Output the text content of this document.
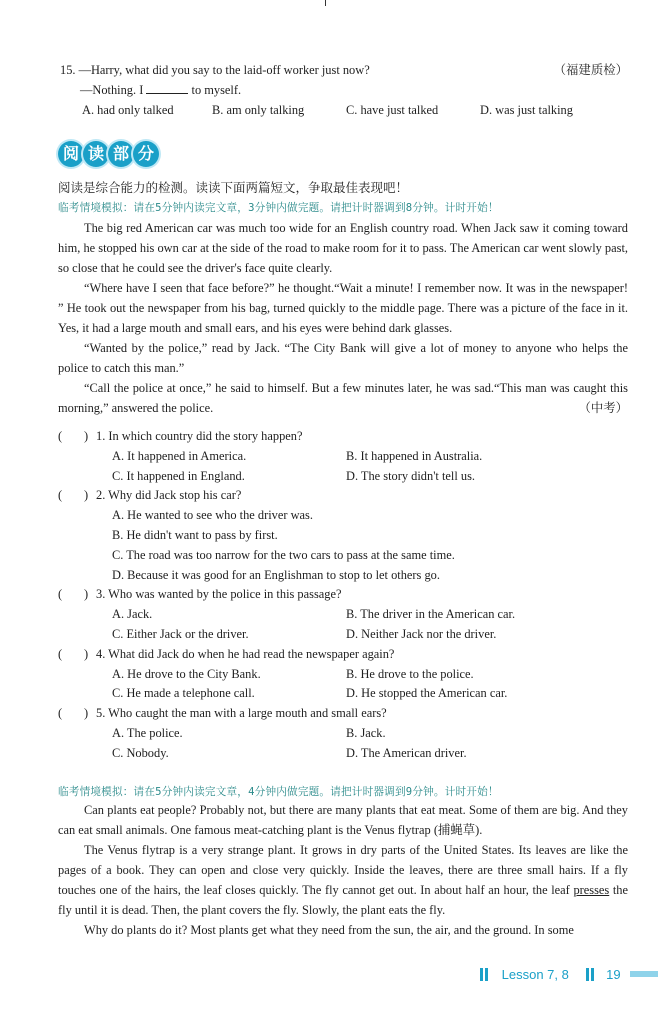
15. —Harry, what did you say to the laid-off worker just now?	（福建质检）
—Nothing. I	to myself.
A. had only talked	B. am only talking	C. have just talked	D. was just talking
阅 读 部 分
阅读是综合能力的检测。读读下面两篇短文，争取最佳表现吧！
临考情境模拟：请在5分钟内读完文章，3分钟内做完题。请把计时器调到8分钟。计时开始！

The big red American car was much too wide for an English country road. When Jack saw it coming toward him, he stopped his own car at the side of the road to make room for it to pass. The American car went slowly past, so close that he could see the driver's face quite clearly.

“Where have I seen that face before?” he thought.“Wait a minute! I remember now. It was in the newspaper! ” He took out the newspaper from his bag, turned quickly to the middle page. There was a picture of the face in it. Yes, it had a large mouth and small ears, and his eyes were behind dark glasses.

“Wanted by the police,” read by Jack. “The City Bank will give a lot of money to anyone who helps the police to catch this man.”

“Call the police at once,” he said to himself. But a few minutes later, he was sad.“This man was caught this morning,” answered the police.	（中考）
( ) 1. In which country did the story happen?
A. It happened in America.	B. It happened in Australia.
C. It happened in England.	D. The story didn't tell us.
( ) 2. Why did Jack stop his car?
A. He wanted to see who the driver was.
B. He didn't want to pass by first.
C. The road was too narrow for the two cars to pass at the same time.
D. Because it was good for an Englishman to stop to let others go.
( ) 3. Who was wanted by the police in this passage?
A. Jack.	B. The driver in the American car.
C. Either Jack or the driver.	D. Neither Jack nor the driver.
( ) 4. What did Jack do when he had read the newspaper again?
A. He drove to the City Bank.	B. He drove to the police.
C. He made a telephone call.	D. He stopped the American car.
( ) 5. Who caught the man with a large mouth and small ears?
A. The police.	B. Jack.
C. Nobody.	D. The American driver.
临考情境模拟：请在5分钟内读完文章，4分钟内做完题。请把计时器调到9分钟。计时开始！

Can plants eat people? Probably not, but there are many plants that eat meat. Some of them are big. And they can eat small animals. One famous meat-catching plant is the Venus flytrap (捕蝇草).

The Venus flytrap is a very strange plant. It grows in dry parts of the United States. Its leaves are like the pages of a book. They can open and close very quickly. Inside the leaves, there are three small hairs. If a fly touches one of the hairs, the leaf closes quickly. The fly cannot get out. In about half an hour, the leaf presses the fly until it is dead. Then, the plant covers the fly. Slowly, the plant eats the fly.

Why do plants do it? Most plants get what they need from the sun, the air, and the ground. In some

Lesson 7, 8	19
